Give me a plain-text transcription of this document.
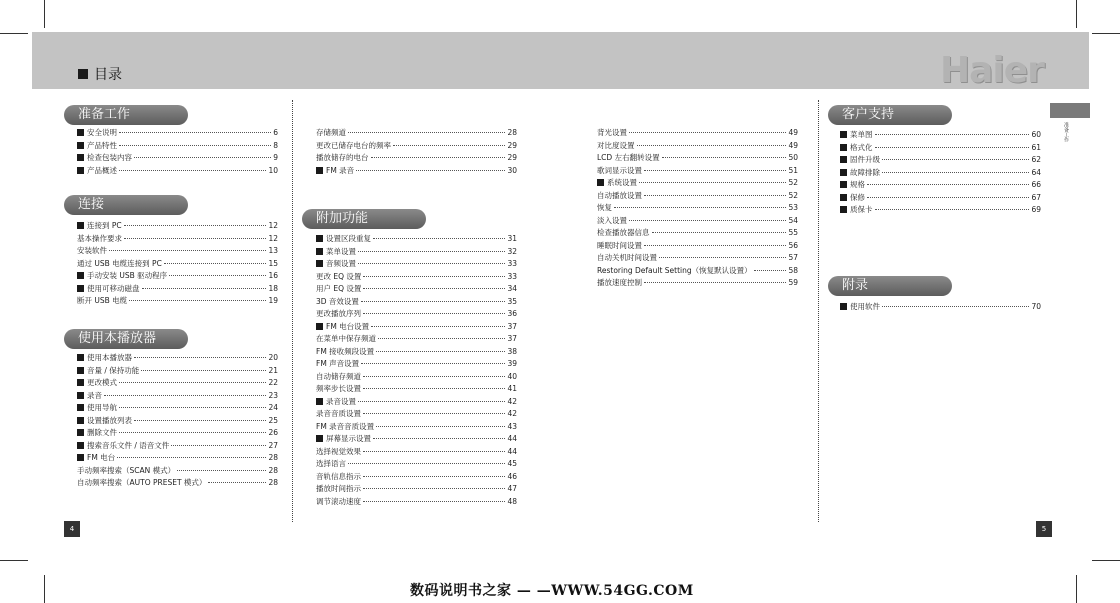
目录	Haier
准备工作
准备工作
连接
使用本播放器
附加功能
客户支持
附录
安全说明	6
产品特性	8
检查包装内容	9
产品概述	10
连接到 PC	12
基本操作要求	12
安装软件	13
通过 USB 电缆连接到 PC	15
手动安装 USB 驱动程序	16
使用可移动磁盘	18
断开 USB 电缆	19
使用本播放器	20
音量 / 保持功能	21
更改模式	22
录音	23
使用导航	24
设置播放列表	25
删除文件	26
搜索音乐文件 / 语音文件	27
FM 电台	28
手动频率搜索（SCAN 模式）	28
自动频率搜索（AUTO PRESET 模式）	28
存储频道	28
更改已储存电台的频率	29
播放储存的电台	29
FM 录音	30
设置区段重复	31
菜单设置	32
音频设置	33
更改 EQ 设置	33
用户 EQ 设置	34
3D 音效设置	35
更改播放序列	36
FM 电台设置	37
在菜单中保存频道	37
FM 接收频段设置	38
FM 声音设置	39
自动储存频道	40
频率步长设置	41
录音设置	42
录音音质设置	42
FM 录音音质设置	43
屏幕显示设置	44
选择视觉效果	44
选择语言	45
音轨信息指示	46
播放时间指示	47
调节滚动速度	48
背光设置	49
对比度设置	49
LCD 左右翻转设置	50
歌词显示设置	51
系统设置	52
自动播放设置	52
恢复	53
淡入设置	54
检查播放器信息	55
睡眠时间设置	56
自动关机时间设置	57
Restoring Default Setting（恢复默认设置）	58
播放速度控制	59
菜单图	60
格式化	61
固件升级	62
故障排除	64
规格	66
保修	67
质保卡	69
使用软件	70
4	5
数码说明书之家 — —WWW.54GG.COM
